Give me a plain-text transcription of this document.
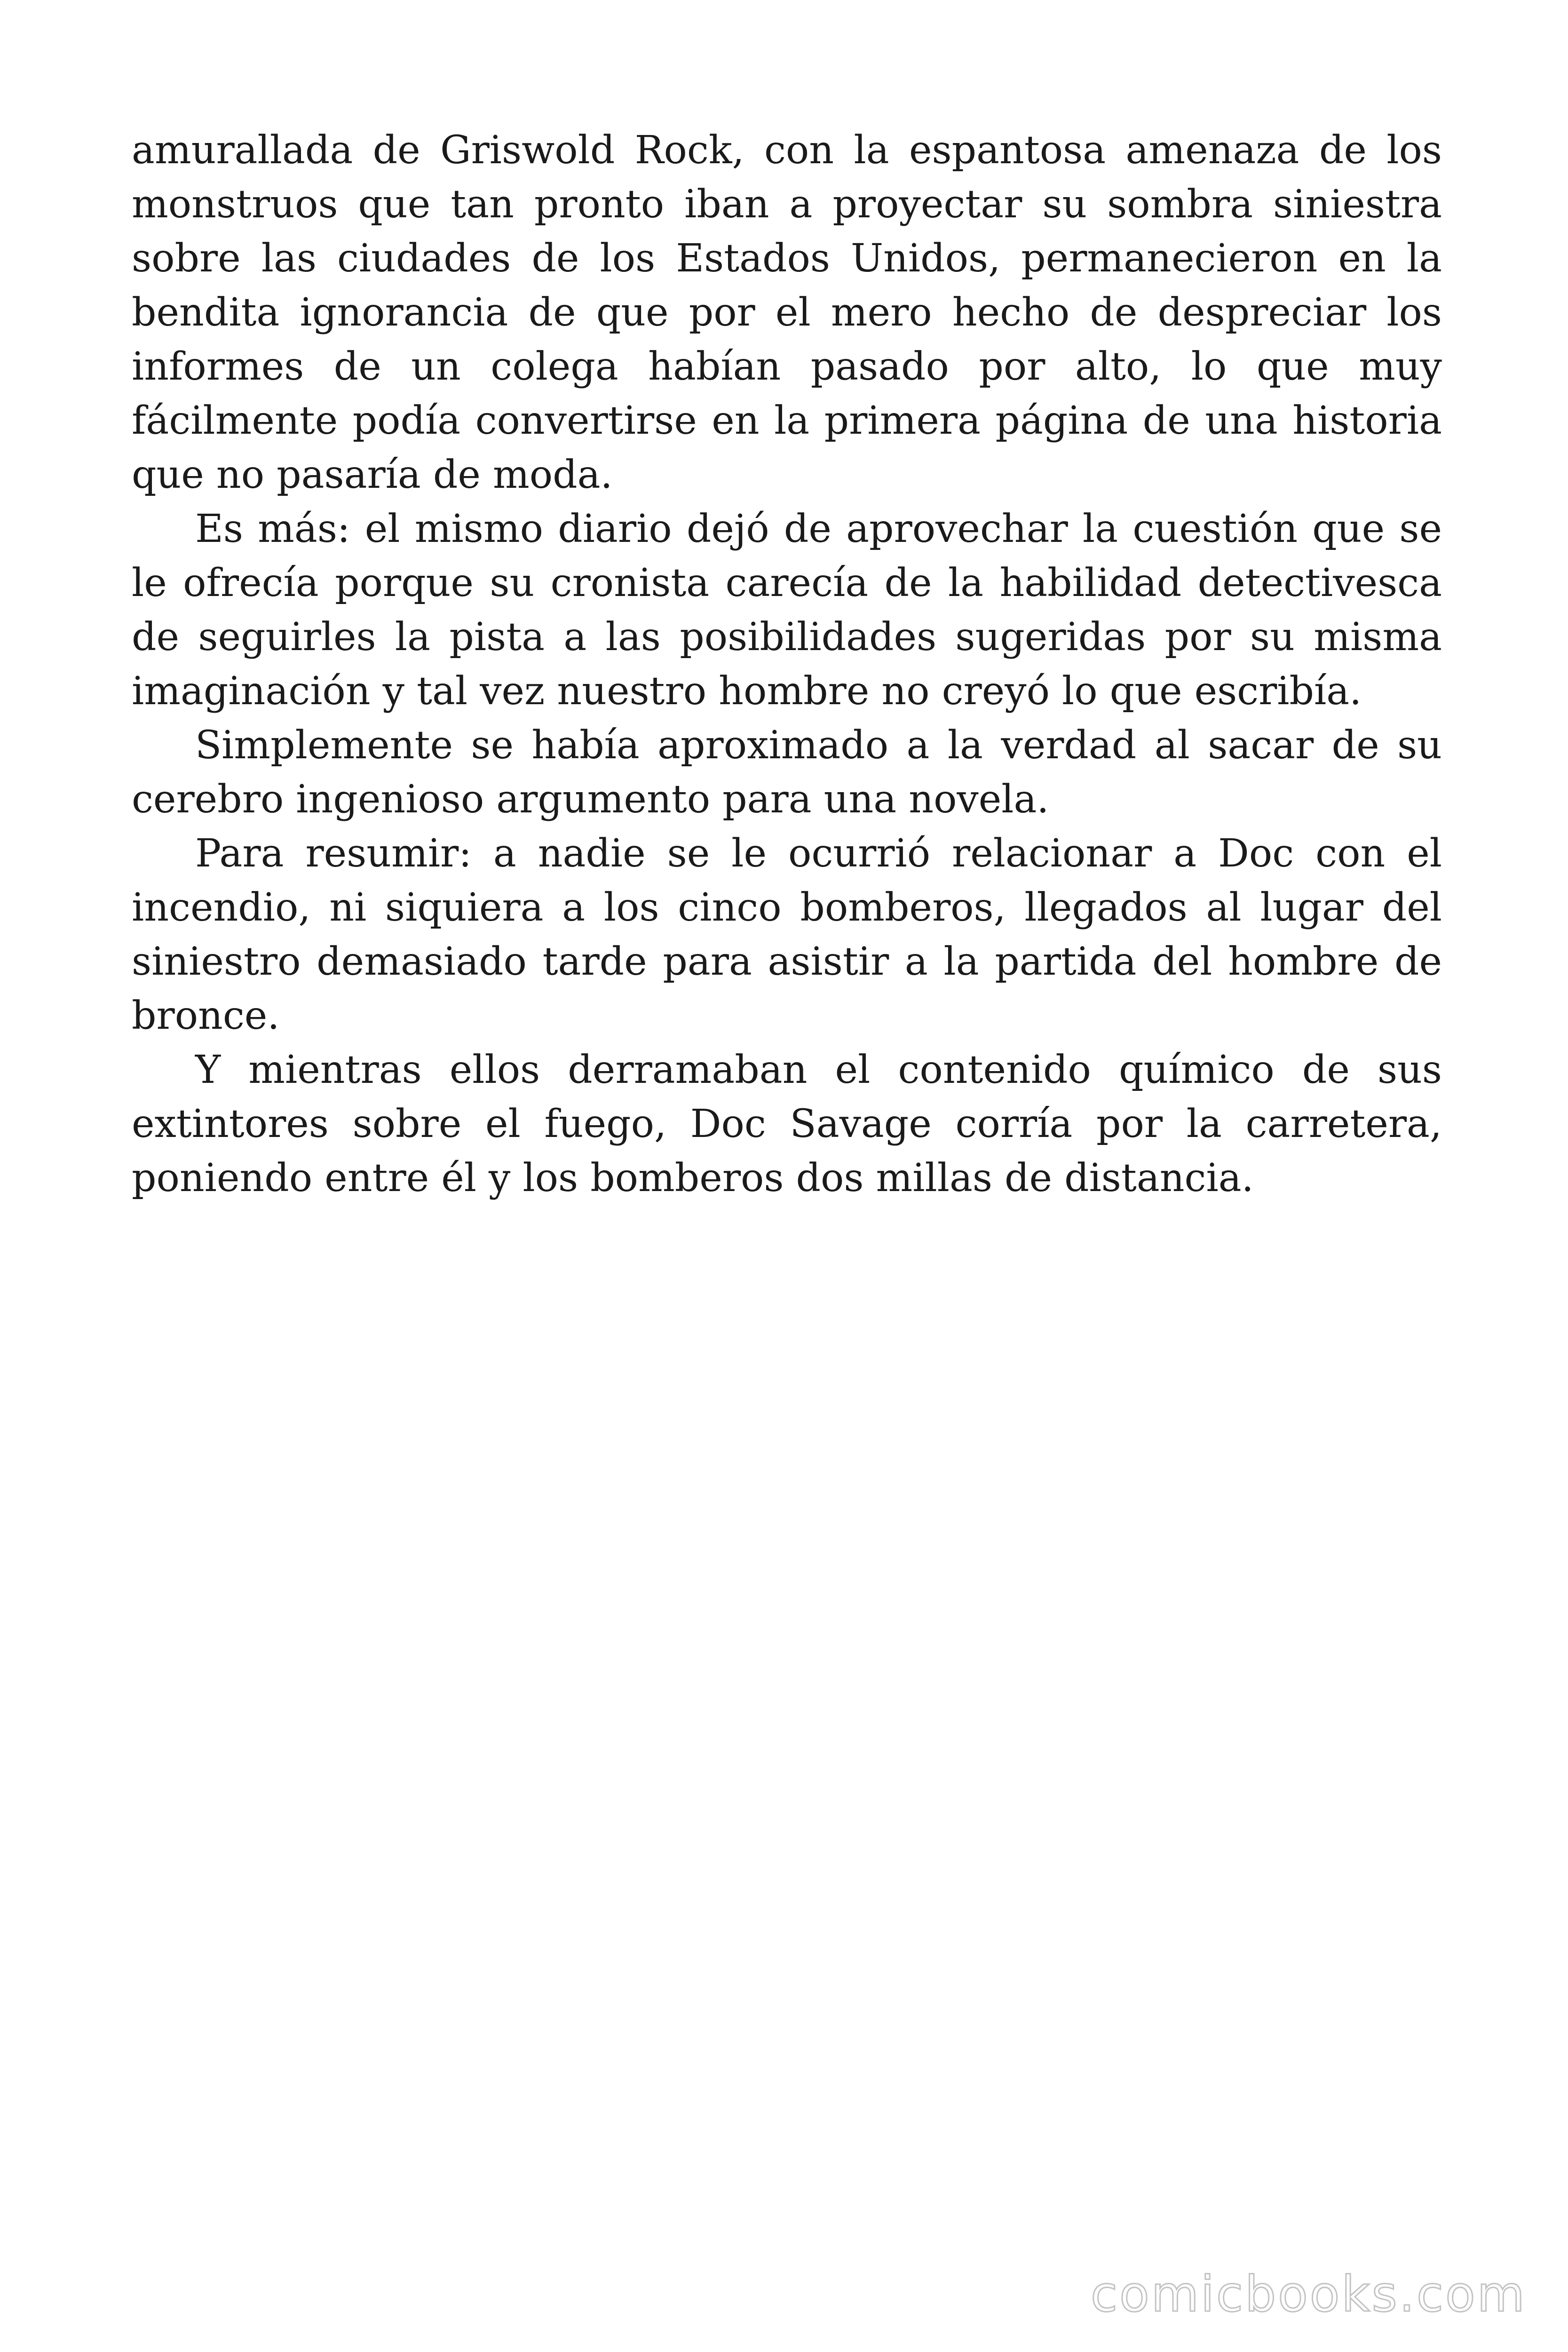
amurallada de Griswold Rock, con la espantosa amenaza de los monstruos que tan pronto iban a proyectar su sombra siniestra sobre las ciudades de los Estados Unidos, permanecieron en la bendita ignorancia de que por el mero hecho de despreciar los informes de un colega habían pasado por alto, lo que muy fácilmente podía convertirse en la primera página de una historia que no pasaría de moda.

Es más: el mismo diario dejó de aprovechar la cuestión que se le ofrecía porque su cronista carecía de la habilidad detectivesca de seguirles la pista a las posibilidades sugeridas por su misma imaginación y tal vez nuestro hombre no creyó lo que escribía.

Simplemente se había aproximado a la verdad al sacar de su cerebro ingenioso argumento para una novela.

Para resumir: a nadie se le ocurrió relacionar a Doc con el incendio, ni siquiera a los cinco bomberos, llegados al lugar del siniestro demasiado tarde para asistir a la partida del hombre de bronce.

Y mientras ellos derramaban el contenido químico de sus extintores sobre el fuego, Doc Savage corría por la carretera, poniendo entre él y los bomberos dos millas de distancia.

comicbooks.com
